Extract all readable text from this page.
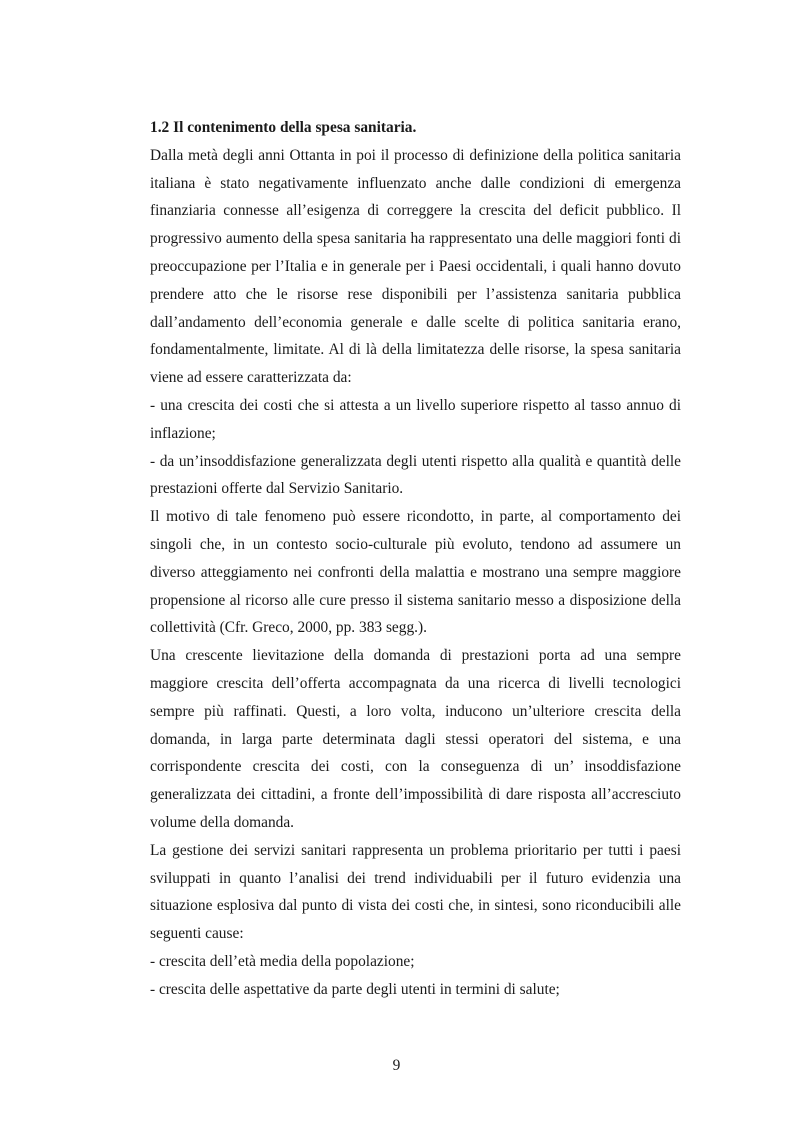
1.2 Il contenimento della spesa sanitaria.

Dalla metà degli anni Ottanta in poi il processo di definizione della politica sanitaria italiana è stato negativamente influenzato anche dalle condizioni di emergenza finanziaria connesse all’esigenza di correggere la crescita del deficit pubblico. Il progressivo aumento della spesa sanitaria ha rappresentato una delle maggiori fonti di preoccupazione per l’Italia e in generale per i Paesi occidentali, i quali hanno dovuto prendere atto che le risorse rese disponibili per l’assistenza sanitaria pubblica dall’andamento dell’economia generale e dalle scelte di politica sanitaria erano, fondamentalmente, limitate. Al di là della limitatezza delle risorse, la spesa sanitaria viene ad essere caratterizzata da:

- una crescita dei costi che si attesta a un livello superiore rispetto al tasso annuo di inflazione;

- da un’insoddisfazione generalizzata degli utenti rispetto alla qualità e quantità delle prestazioni offerte dal Servizio Sanitario.

Il motivo di tale fenomeno può essere ricondotto, in parte, al comportamento dei singoli che, in un contesto socio-culturale più evoluto, tendono ad assumere un diverso atteggiamento nei confronti della malattia e mostrano una sempre maggiore propensione al ricorso alle cure presso il sistema sanitario messo a disposizione della collettività (Cfr. Greco, 2000, pp. 383 segg.).

Una crescente lievitazione della domanda di prestazioni porta ad una sempre maggiore crescita dell’offerta accompagnata da una ricerca di livelli tecnologici sempre più raffinati. Questi, a loro volta, inducono un’ulteriore crescita della domanda, in larga parte determinata dagli stessi operatori del sistema, e una corrispondente crescita dei costi, con la conseguenza di un’ insoddisfazione generalizzata dei cittadini, a fronte dell’impossibilità di dare risposta all’accresciuto volume della domanda.

La gestione dei servizi sanitari rappresenta un problema prioritario per tutti i paesi sviluppati in quanto l’analisi dei trend individuabili per il futuro evidenzia una situazione esplosiva dal punto di vista dei costi che, in sintesi, sono riconducibili alle seguenti cause:

- crescita dell’età media della popolazione;

- crescita delle aspettative da parte degli utenti in termini di salute;

9
